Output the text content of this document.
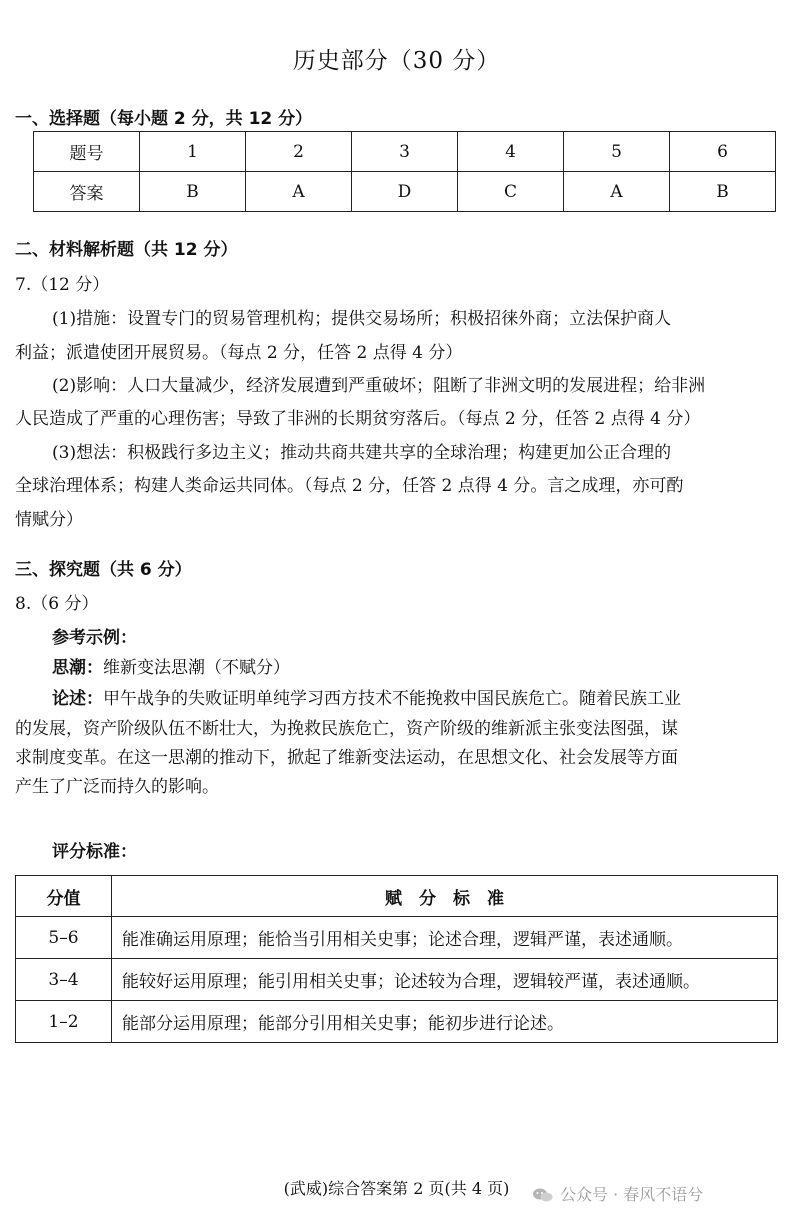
历史部分（30 分）
一、选择题（每小题 2 分，共 12 分）
题号	1	2	3	4	5	6
答案	B	A	D	C	A	B
二、材料解析题（共 12 分）
7.（12 分）
(1)措施：设置专门的贸易管理机构；提供交易场所；积极招徕外商；立法保护商人
利益；派遣使团开展贸易。（每点 2 分，任答 2 点得 4 分）
(2)影响：人口大量减少，经济发展遭到严重破坏；阻断了非洲文明的发展进程；给非洲
人民造成了严重的心理伤害；导致了非洲的长期贫穷落后。（每点 2 分，任答 2 点得 4 分）
(3)想法：积极践行多边主义；推动共商共建共享的全球治理；构建更加公正合理的
全球治理体系；构建人类命运共同体。（每点 2 分，任答 2 点得 4 分。言之成理，亦可酌
情赋分）
三、探究题（共 6 分）
8.（6 分）
参考示例：
思潮：维新变法思潮（不赋分）
论述：甲午战争的失败证明单纯学习西方技术不能挽救中国民族危亡。随着民族工业
的发展，资产阶级队伍不断壮大，为挽救民族危亡，资产阶级的维新派主张变法图强，谋
求制度变革。在这一思潮的推动下，掀起了维新变法运动，在思想文化、社会发展等方面
产生了广泛而持久的影响。
评分标准：
分值	赋　分　标　准
5–6	能准确运用原理；能恰当引用相关史事；论述合理，逻辑严谨，表述通顺。
3–4	能较好运用原理；能引用相关史事；论述较为合理，逻辑较严谨，表述通顺。
1–2	能部分运用原理；能部分引用相关史事；能初步进行论述。
(武威)综合答案第 2 页(共 4 页)	公众号 · 春风不语兮
